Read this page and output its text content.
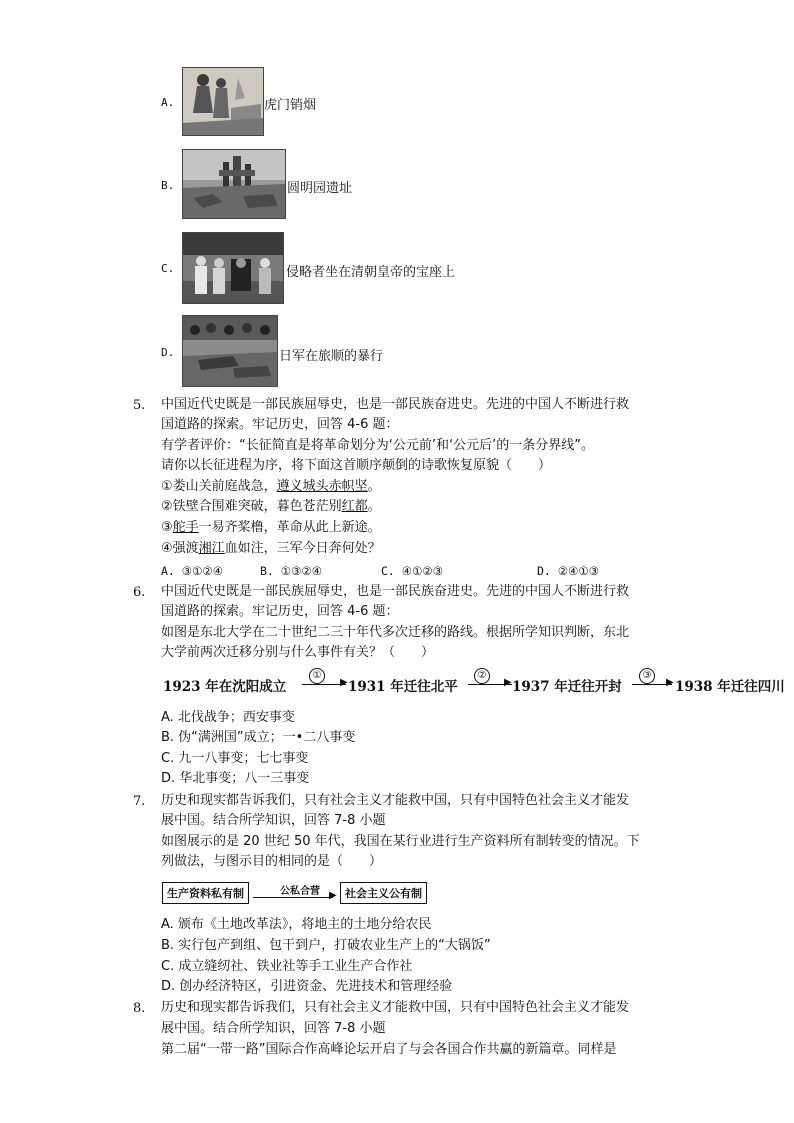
A.	虎门销烟
B.	圆明园遗址
C.	侵略者坐在清朝皇帝的宝座上
D.	日军在旅顺的暴行
5. 中国近代史既是一部民族屈辱史，也是一部民族奋进史。先进的中国人不断进行救
国道路的探索。牢记历史，回答 4-6 题：
有学者评价：“长征简直是将革命划分为‘公元前’和‘公元后’的一条分界线”。
请你以长征进程为序，将下面这首顺序颠倒的诗歌恢复原貌（　　）
①娄山关前庭战急，遵义城头赤帜坚。
②铁壁合围难突破，暮色苍茫别红都。
③舵手一易齐桨橹，革命从此上新途。
④强渡湘江血如注，三军今日奔何处？
A. ③①②④	B. ①③②④	C. ④①②③	D. ②④①③
6. 中国近代史既是一部民族屈辱史，也是一部民族奋进史。先进的中国人不断进行救
国道路的探索。牢记历史，回答 4-6 题：
如图是东北大学在二十世纪二三十年代多次迁移的路线。根据所学知识判断，东北
大学前两次迁移分别与什么事件有关？（　　）
1923 年在沈阳成立
①
▶ 1931 年迁往北平
②
▶ 1937 年迁往开封
③
▶ 1938 年迁往四川
A. 北伐战争；西安事变
B. 伪“满洲国”成立；一•二八事变
C. 九一八事变；七七事变
D. 华北事变；八一三事变
7. 历史和现实都告诉我们，只有社会主义才能救中国，只有中国特色社会主义才能发
展中国。结合所学知识，回答 7-8 小题
如图展示的是 20 世纪 50 年代，我国在某行业进行生产资料所有制转变的情况。下
列做法，与图示目的相同的是（　　）
生产资料私有制	公私合营 ▶ 社会主义公有制
A. 颁布《土地改革法》，将地主的土地分给农民
B. 实行包产到组、包干到户，打破农业生产上的“大锅饭”
C. 成立缝纫社、铁业社等手工业生产合作社
D. 创办经济特区，引进资金、先进技术和管理经验
8. 历史和现实都告诉我们，只有社会主义才能救中国，只有中国特色社会主义才能发
展中国。结合所学知识，回答 7-8 小题
第二届“一带一路”国际合作高峰论坛开启了与会各国合作共赢的新篇章。同样是
